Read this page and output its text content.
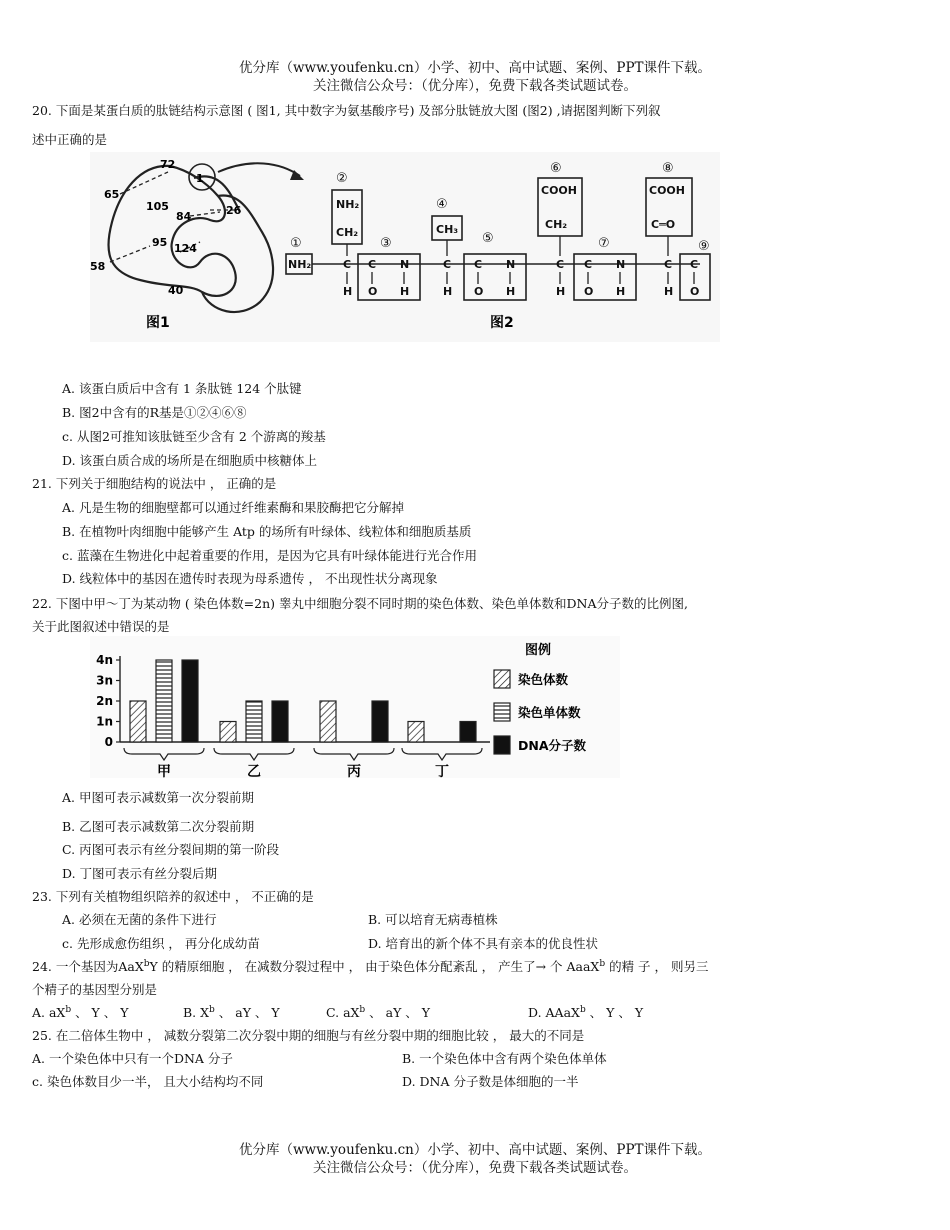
优分库（www.youfenku.cn）小学、初中、高中试题、案例、PPT课件下载。
关注微信公众号：（优分库），免费下载各类试题试卷。
20. 下面是某蛋白质的肽链结构示意图 ( 图1, 其中数字为氨基酸序号) 及部分肽链放大图 (图2) ,请据图判断下列叙
述中正确的是
72
1
65
105
84	26
95 124
58
40
图1
NH₂
NH₂
CH₂	CH₃
COOH
CH₂
COOH
C═O
C C N	C C N	C C N	C C
H O H	H O H	H O H	H O
①
②
③
④
⑤
⑥
⑦
⑧
⑨
图2
A. 该蛋白质后中含有 1 条肽链 124 个肽键
B. 图2中含有的R基是①②④⑥⑧
c. 从图2可推知该肽链至少含有 2 个游离的羧基
D. 该蛋白质合成的场所是在细胞质中核糖体上
21. 下列关于细胞结构的说法中 ， 正确的是
A. 凡是生物的细胞壁都可以通过纤维素酶和果胶酶把它分解掉
B. 在植物叶肉细胞中能够产生 Atp 的场所有叶绿体、线粒体和细胞质基质
c. 蓝藻在生物进化中起着重要的作用，是因为它具有叶绿体能进行光合作用
D. 线粒体中的基因在遗传时表现为母系遗传 ， 不出现性状分离现象
22. 下图中甲～丁为某动物 ( 染色体数=2n) 睾丸中细胞分裂不同时期的染色体数、染色单体数和DNA分子数的比例图,
关于此图叙述中错误的是
4n
3n
2n
1n
0
甲	乙	丙	丁
图例
染色体数
染色单体数
DNA分子数
A. 甲图可表示减数第一次分裂前期
B. 乙图可表示减数第二次分裂前期
C. 丙图可表示有丝分裂间期的第一阶段
D. 丁图可表示有丝分裂后期
23. 下列有关植物组织陪养的叙述中 ， 不正确的是
A. 必须在无菌的条件下进行	B. 可以培育无病毒植株
c. 先形成愈伤组织 ， 再分化成幼苗	D. 培育出的新个体不具有亲本的优良性状
24. 一个基因为AaX$^b$Y 的精原细胞 ， 在减数分裂过程中 ， 由于染色体分配紊乱 ， 产生了→ 个 AaaX$^b$ 的精 子 ， 则另三
个精子的基因型分别是
A. $aX^b$ 、 Y 、 Y	B. $X^b$ 、 aY 、 Y	C. $aX^b$ 、 aY 、 Y	D. AAaX$^b$ 、 Y 、 Y
25. 在二倍体生物中 ， 减数分裂第二次分裂中期的细胞与有丝分裂中期的细胞比较 ， 最大的不同是
A. 一个染色体中只有一个DNA 分子	B. 一个染色体中含有两个染色体单体
c. 染色体数目少一半， 且大小结构均不同	D. DNA 分子数是体细胞的一半
优分库（www.youfenku.cn）小学、初中、高中试题、案例、PPT课件下载。
关注微信公众号：（优分库），免费下载各类试题试卷。
